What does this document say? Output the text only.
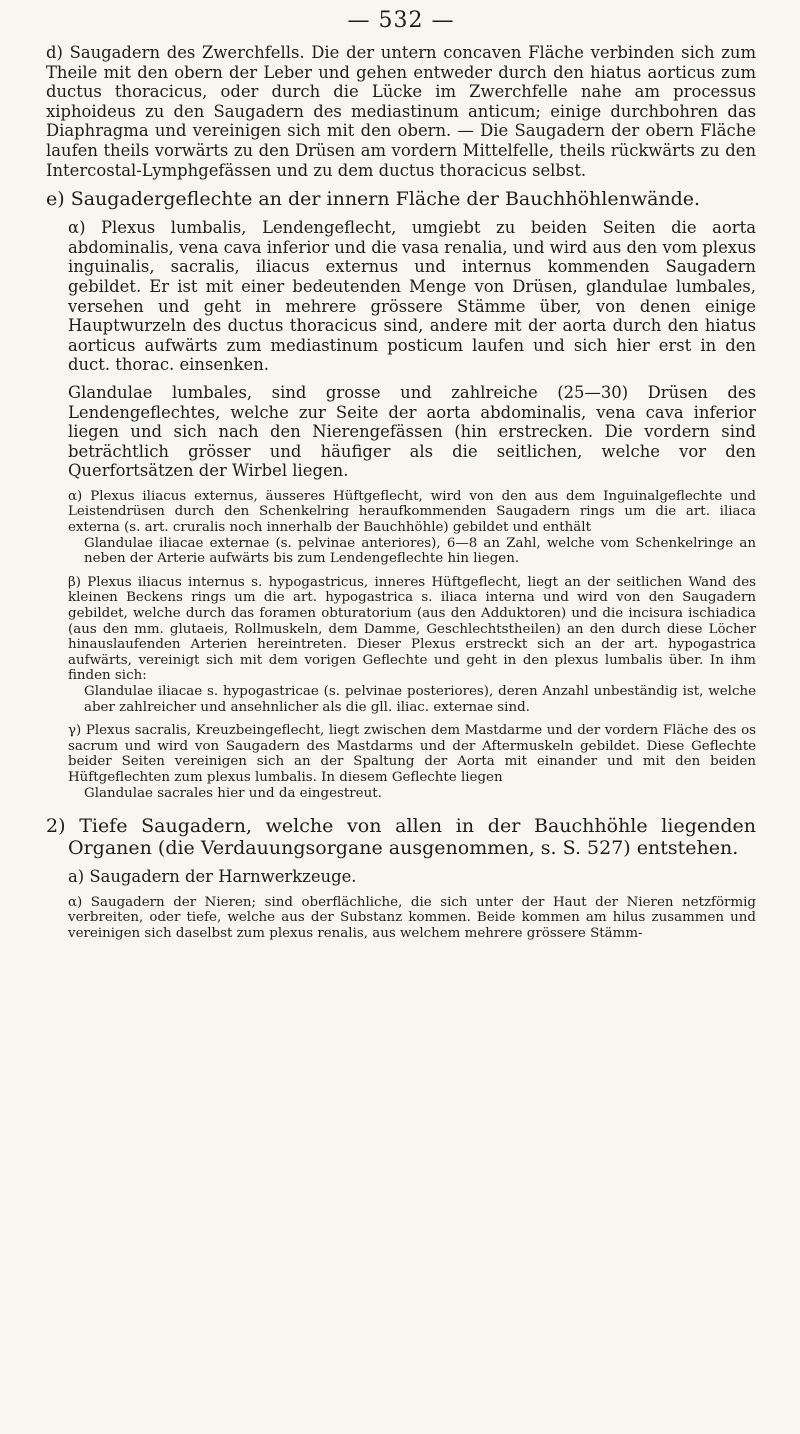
— 532 —

d) Saugadern des Zwerchfells. Die der untern concaven Fläche verbinden sich zum Theile mit den obern der Leber und gehen entweder durch den hiatus aorticus zum ductus thoracicus, oder durch die Lücke im Zwerchfelle nahe am processus xiphoideus zu den Saugadern des mediastinum anticum; einige durchbohren das Diaphragma und vereinigen sich mit den obern. — Die Saugadern der obern Fläche laufen theils vorwärts zu den Drüsen am vordern Mittelfelle, theils rückwärts zu den Intercostal-Lymphgefässen und zu dem ductus thoracicus selbst.

e) Saugadergeflechte an der innern Fläche der Bauchhöhlenwände.

α) Plexus lumbalis, Lendengeflecht, umgiebt zu beiden Seiten die aorta abdominalis, vena cava inferior und die vasa renalia, und wird aus den vom plexus inguinalis, sacralis, iliacus externus und internus kommenden Saugadern gebildet. Er ist mit einer bedeutenden Menge von Drüsen, glandulae lumbales, versehen und geht in mehrere grössere Stämme über, von denen einige Hauptwurzeln des ductus thoracicus sind, andere mit der aorta durch den hiatus aorticus aufwärts zum mediastinum posticum laufen und sich hier erst in den duct. thorac. einsenken.

Glandulae lumbales, sind grosse und zahlreiche (25—30) Drüsen des Lendengeflechtes, welche zur Seite der aorta abdominalis, vena cava inferior liegen und sich nach den Nierengefässen (hin erstrecken. Die vordern sind beträchtlich grösser und häufiger als die seitlichen, welche vor den Querfortsätzen der Wirbel liegen.

α) Plexus iliacus externus, äusseres Hüftgeflecht, wird von den aus dem Inguinalgeflechte und Leistendrüsen durch den Schenkelring heraufkommenden Saugadern rings um die art. iliaca externa (s. art. cruralis noch innerhalb der Bauchhöhle) gebildet und enthält

Glandulae iliacae externae (s. pelvinae anteriores), 6—8 an Zahl, welche vom Schenkelringe an neben der Arterie aufwärts bis zum Lendengeflechte hin liegen.

β) Plexus iliacus internus s. hypogastricus, inneres Hüftgeflecht, liegt an der seitlichen Wand des kleinen Beckens rings um die art. hypogastrica s. iliaca interna und wird von den Saugadern gebildet, welche durch das foramen obturatorium (aus den Adduktoren) und die incisura ischiadica (aus den mm. glutaeis, Rollmuskeln, dem Damme, Geschlechtstheilen) an den durch diese Löcher hinauslaufenden Arterien hereintreten. Dieser Plexus erstreckt sich an der art. hypogastrica aufwärts, vereinigt sich mit dem vorigen Geflechte und geht in den plexus lumbalis über. In ihm finden sich:

Glandulae iliacae s. hypogastricae (s. pelvinae posteriores), deren Anzahl unbeständig ist, welche aber zahlreicher und ansehnlicher als die gll. iliac. externae sind.

γ) Plexus sacralis, Kreuzbeingeflecht, liegt zwischen dem Mastdarme und der vordern Fläche des os sacrum und wird von Saugadern des Mastdarms und der Aftermuskeln gebildet. Diese Geflechte beider Seiten vereinigen sich an der Spaltung der Aorta mit einander und mit den beiden Hüftgeflechten zum plexus lumbalis. In diesem Geflechte liegen

Glandulae sacrales hier und da eingestreut.

2) Tiefe Saugadern, welche von allen in der Bauchhöhle liegenden Organen (die Verdauungsorgane ausgenommen, s. S. 527) entstehen.

a) Saugadern der Harnwerkzeuge.

α) Saugadern der Nieren; sind oberflächliche, die sich unter der Haut der Nieren netzförmig verbreiten, oder tiefe, welche aus der Substanz kommen. Beide kommen am hilus zusammen und vereinigen sich daselbst zum plexus renalis, aus welchem mehrere grössere Stämm-
